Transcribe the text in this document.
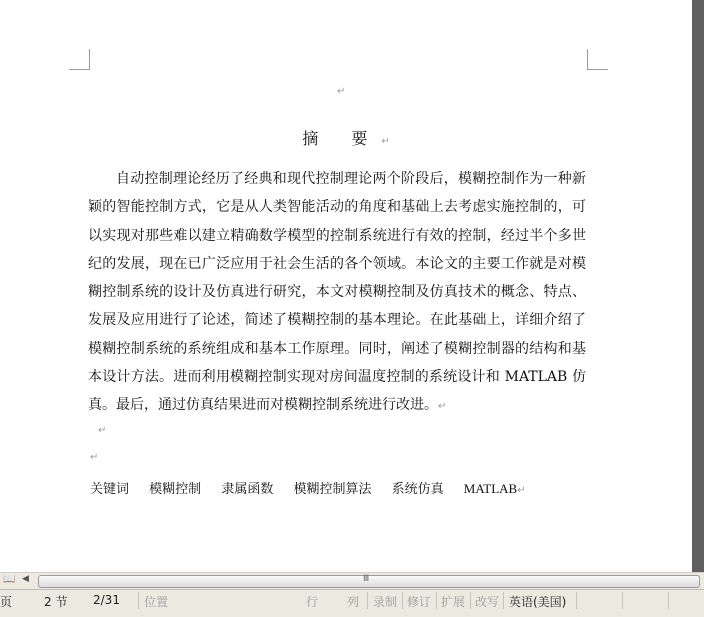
↵
摘 要↵

自动控制理论经历了经典和现代控制理论两个阶段后，模糊控制作为一种新颖的智能控制方式，它是从人类智能活动的角度和基础上去考虑实施控制的，可以实现对那些难以建立精确数学模型的控制系统进行有效的控制，经过半个多世纪的发展，现在已广泛应用于社会生活的各个领域。本论文的主要工作就是对模糊控制系统的设计及仿真进行研究，本文对模糊控制及仿真技术的概念、特点、发展及应用进行了论述，简述了模糊控制的基本理论。在此基础上，详细介绍了模糊控制系统的系统组成和基本工作原理。同时，阐述了模糊控制器的结构和基本设计方法。进而利用模糊控制实现对房间温度控制的系统设计和 MATLAB 仿真。最后，通过仿真结果进而对模糊控制系统进行改进。↵

↵
↵
关键词 模糊控制 隶属函数 模糊控制算法 系统仿真 MATLAB↵
📖 ◀	Ⅲ
页	2 节 2/31 位置	行 列 录制 修订 扩展 改写 英语(美国)
